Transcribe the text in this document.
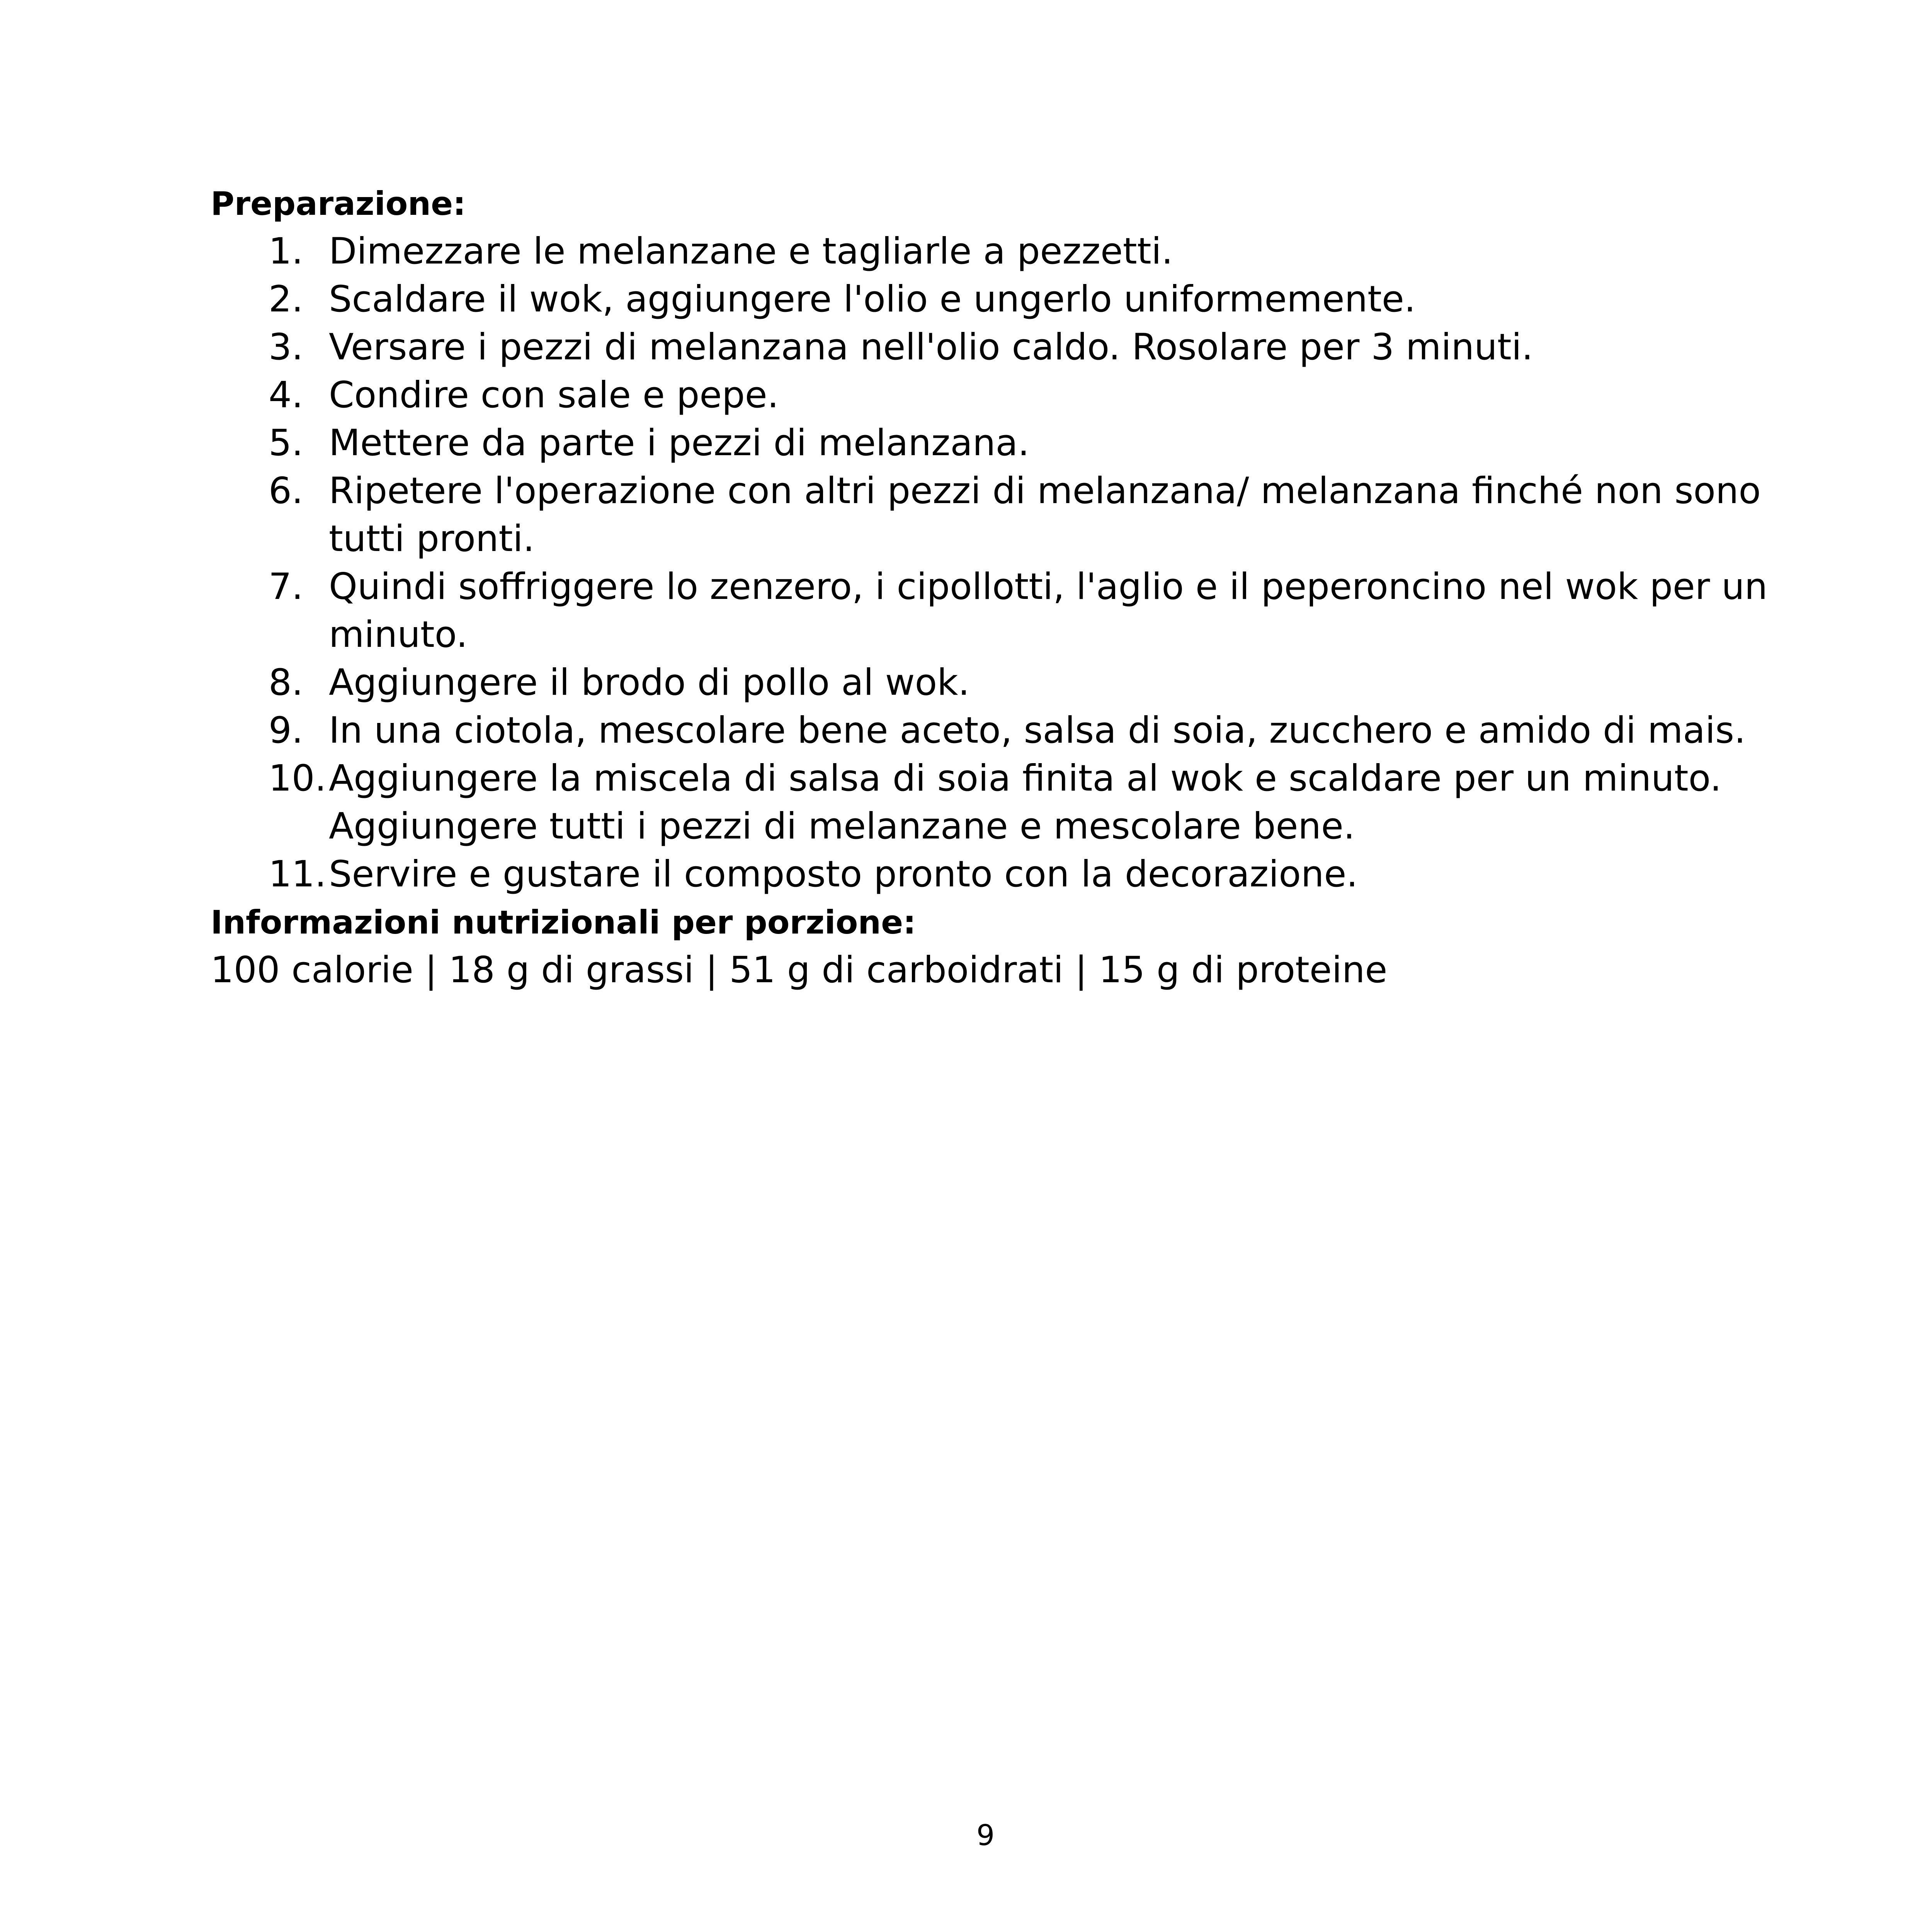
Preparazione:
1. Dimezzare le melanzane e tagliarle a pezzetti.
2. Scaldare il wok, aggiungere l'olio e ungerlo uniformemente.
3. Versare i pezzi di melanzana nell'olio caldo. Rosolare per 3 minuti.
4. Condire con sale e pepe.
5. Mettere da parte i pezzi di melanzana.
6. Ripetere l'operazione con altri pezzi di melanzana/ melanzana finché non sono tutti pronti.
7. Quindi soffriggere lo zenzero, i cipollotti, l'aglio e il peperoncino nel wok per un minuto.
8. Aggiungere il brodo di pollo al wok.
9. In una ciotola, mescolare bene aceto, salsa di soia, zucchero e amido di mais.
10. Aggiungere la miscela di salsa di soia finita al wok e scaldare per un minuto. Aggiungere tutti i pezzi di melanzane e mescolare bene.
11. Servire e gustare il composto pronto con la decorazione.
Informazioni nutrizionali per porzione:
100 calorie | 18 g di grassi | 51 g di carboidrati | 15 g di proteine
9
